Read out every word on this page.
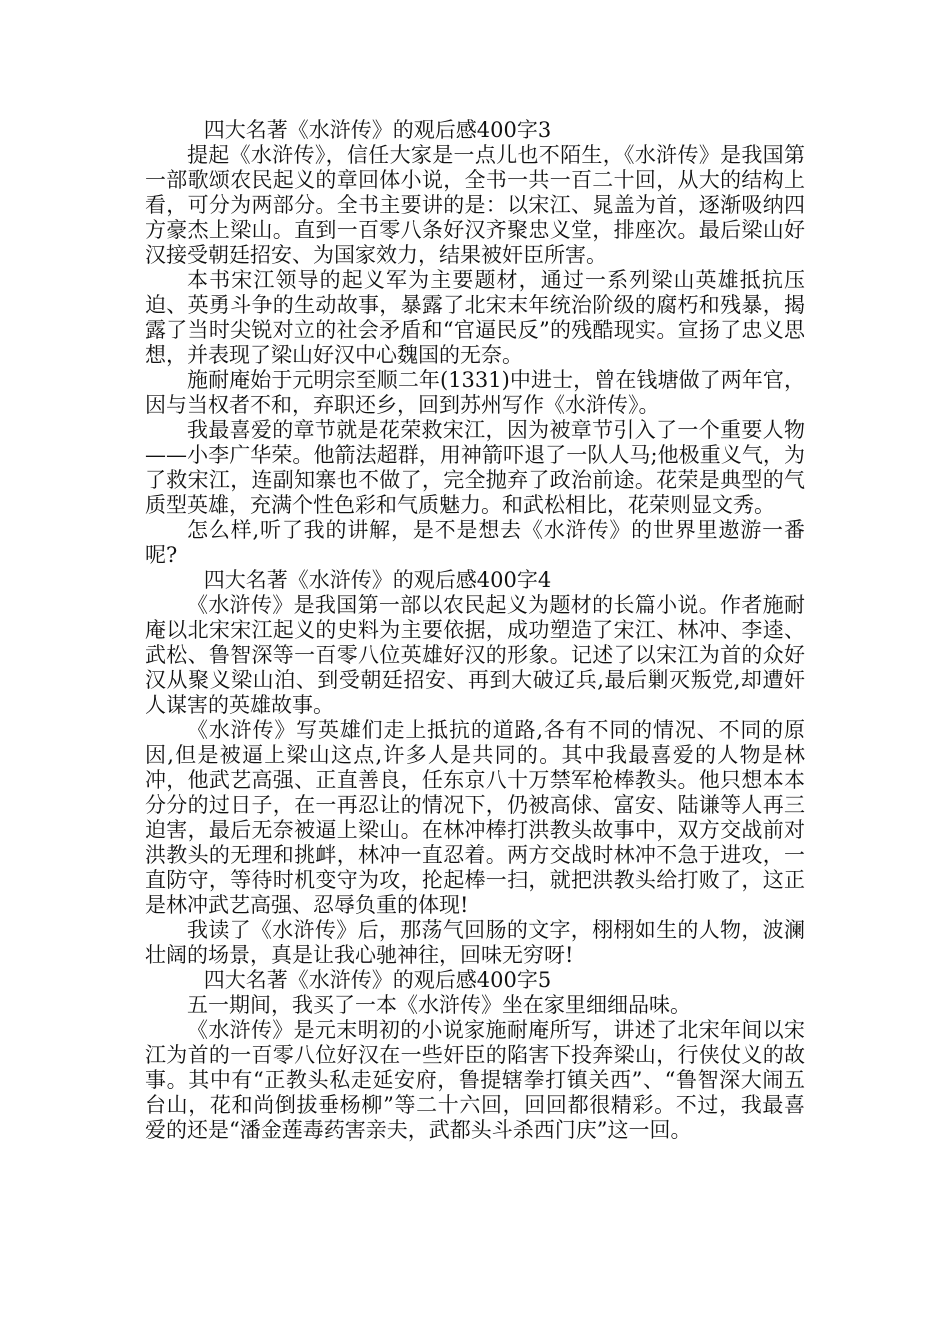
四大名著《水浒传》的观后感400字3

提起《水浒传》，信任大家是一点儿也不陌生，《水浒传》是我国第一部歌颂农民起义的章回体小说，全书一共一百二十回，从大的结构上看，可分为两部分。全书主要讲的是：以宋江、晁盖为首，逐渐吸纳四方豪杰上梁山。直到一百零八条好汉齐聚忠义堂，排座次。最后梁山好汉接受朝廷招安、为国家效力，结果被奸臣所害。

本书宋江领导的起义军为主要题材，通过一系列梁山英雄抵抗压迫、英勇斗争的生动故事，暴露了北宋末年统治阶级的腐朽和残暴，揭露了当时尖锐对立的社会矛盾和“官逼民反”的残酷现实。宣扬了忠义思想，并表现了梁山好汉中心魏国的无奈。

施耐庵始于元明宗至顺二年(1331)中进士，曾在钱塘做了两年官，因与当权者不和，弃职还乡，回到苏州写作《水浒传》。

我最喜爱的章节就是花荣救宋江，因为被章节引入了一个重要人物——小李广华荣。他箭法超群，用神箭吓退了一队人马;他极重义气，为了救宋江，连副知寨也不做了，完全抛弃了政治前途。花荣是典型的气质型英雄，充满个性色彩和气质魅力。和武松相比，花荣则显文秀。

怎么样,听了我的讲解，是不是想去《水浒传》的世界里遨游一番呢?

四大名著《水浒传》的观后感400字4

《水浒传》是我国第一部以农民起义为题材的长篇小说。作者施耐庵以北宋宋江起义的史料为主要依据，成功塑造了宋江、林冲、李逵、武松、鲁智深等一百零八位英雄好汉的形象。记述了以宋江为首的众好汉从聚义梁山泊、到受朝廷招安、再到大破辽兵,最后剿灭叛党,却遭奸人谋害的英雄故事。

《水浒传》写英雄们走上抵抗的道路,各有不同的情况、不同的原因,但是被逼上梁山这点,许多人是共同的。其中我最喜爱的人物是林冲，他武艺高强、正直善良，任东京八十万禁军枪棒教头。他只想本本分分的过日子，在一再忍让的情况下，仍被高俅、富安、陆谦等人再三迫害，最后无奈被逼上梁山。在林冲棒打洪教头故事中，双方交战前对洪教头的无理和挑衅，林冲一直忍着。两方交战时林冲不急于进攻，一直防守，等待时机变守为攻，抡起棒一扫，就把洪教头给打败了，这正是林冲武艺高强、忍辱负重的体现!

我读了《水浒传》后，那荡气回肠的文字，栩栩如生的人物，波澜壮阔的场景，真是让我心驰神往，回味无穷呀!

四大名著《水浒传》的观后感400字5

五一期间，我买了一本《水浒传》坐在家里细细品味。

《水浒传》是元末明初的小说家施耐庵所写，讲述了北宋年间以宋江为首的一百零八位好汉在一些奸臣的陷害下投奔梁山，行侠仗义的故事。其中有“正教头私走延安府，鲁提辖拳打镇关西”、“鲁智深大闹五台山，花和尚倒拔垂杨柳”等二十六回，回回都很精彩。不过，我最喜爱的还是“潘金莲毒药害亲夫，武都头斗杀西门庆”这一回。
